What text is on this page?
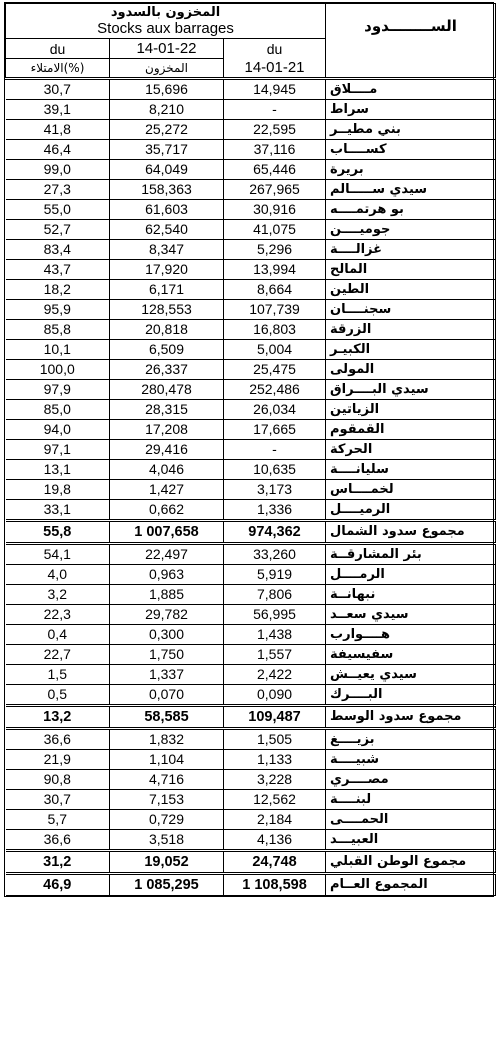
المخزون بالسدود
Stocks aux barrages			الســــــــدود
du	14-01-22	du	
الامتلاء(%)	المخزون	14-01-21	
30,7	15,696	14,945	مــــلاق
39,1	8,210	-	سراط
41,8	25,272	22,595	بني مطيــر
46,4	35,717	37,116	كســــاب
99,0	64,049	65,446	بريرة
27,3	158,363	267,965	سيدي ســـــالم
55,0	61,603	30,916	بو هرتمــــه
52,7	62,540	41,075	جوميــــن
83,4	8,347	5,296	غزالــــة
43,7	17,920	13,994	المالح
18,2	6,171	8,664	الطين
95,9	128,553	107,739	سجنــــان
85,8	20,818	16,803	الزرقة
10,1	6,509	5,004	الكبيـر
100,0	26,337	25,475	المولى
97,9	280,478	252,486	سيدي البــــراق
85,0	28,315	26,034	الزياتين
94,0	17,208	17,665	القمقوم
97,1	29,416	-	الحركة
13,1	4,046	10,635	سليانــــة
19,8	1,427	3,173	لخمــــاس
33,1	0,662	1,336	الرميــــل
55,8	1 007,658	974,362	مجموع سدود الشمال
54,1	22,497	33,260	بئر المشارقــة
4,0	0,963	5,919	الرمــــل
3,2	1,885	7,806	نبهانــة
22,3	29,782	56,995	سيدي سعــد
0,4	0,300	1,438	هــــوارب
22,7	1,750	1,557	سفيسيفة
1,5	1,337	2,422	سيدي يعيــش
0,5	0,070	0,090	البــــرك
13,2	58,585	109,487	مجموع سدود الوسط
36,6	1,832	1,505	بزيــــغ
21,9	1,104	1,133	شبيــــة
90,8	4,716	3,228	مصــــري
30,7	7,153	12,562	لبنــــة
5,7	0,729	2,184	الحمــــى
36,6	3,518	4,136	العبيـــد
31,2	19,052	24,748	مجموع الوطن القبلي
46,9	1 085,295	1 108,598	المجموع العــام
